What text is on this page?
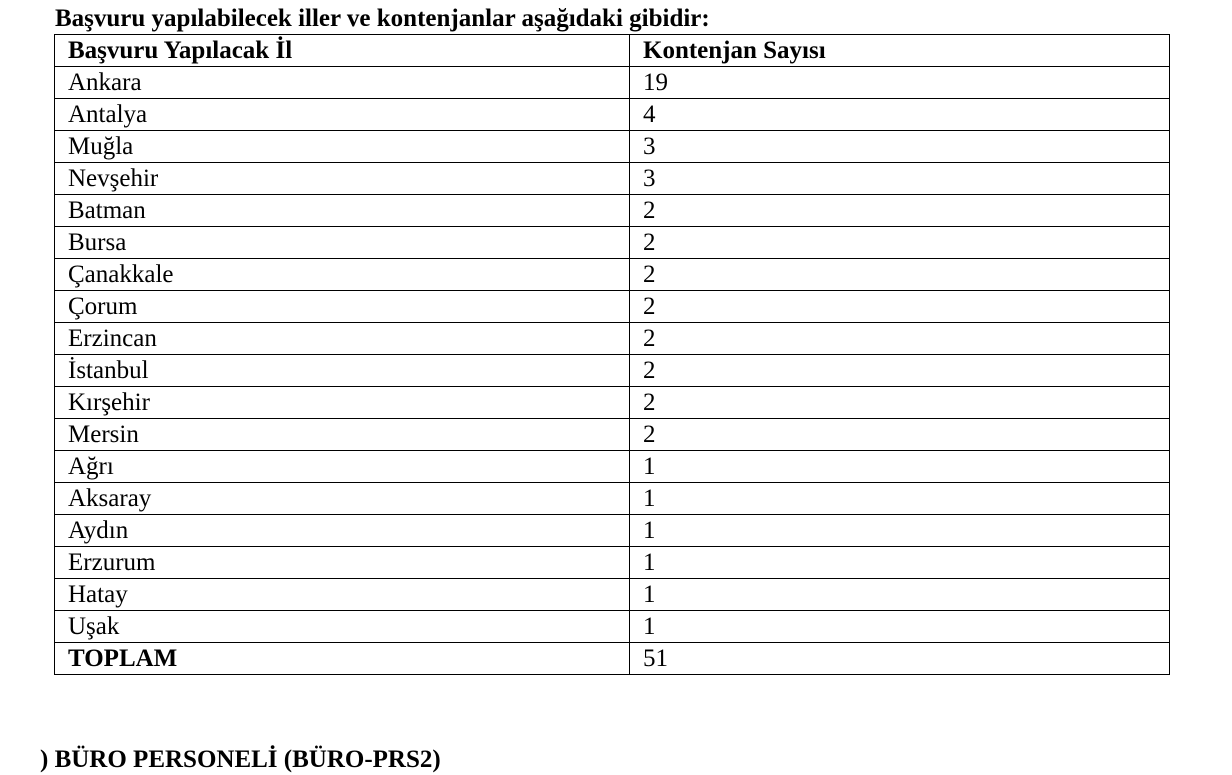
Başvuru yapılabilecek iller ve kontenjanlar aşağıdaki gibidir:
Başvuru Yapılacak İl	Kontenjan Sayısı
Ankara	19
Antalya	4
Muğla	3
Nevşehir	3
Batman	2
Bursa	2
Çanakkale	2
Çorum	2
Erzincan	2
İstanbul	2
Kırşehir	2
Mersin	2
Ağrı	1
Aksaray	1
Aydın	1
Erzurum	1
Hatay	1
Uşak	1
TOPLAM	51
) BÜRO PERSONELİ (BÜRO-PRS2)
